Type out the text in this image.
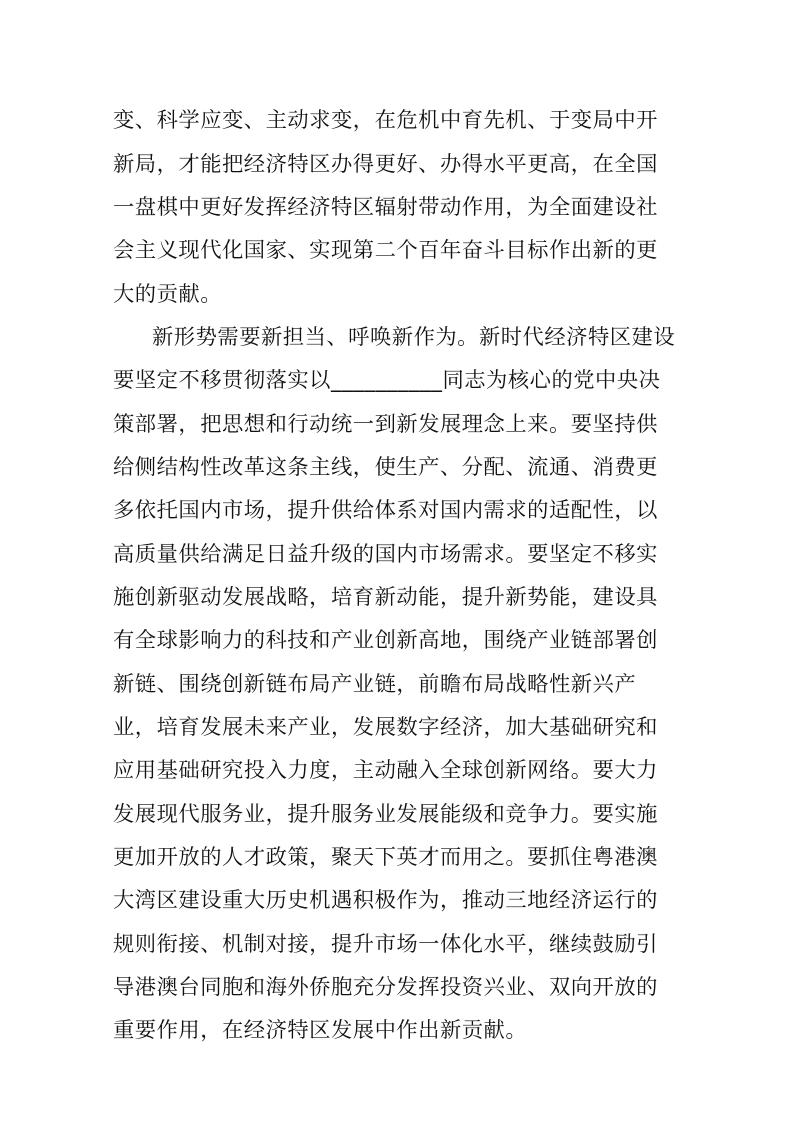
变、科学应变、主动求变，在危机中育先机、于变局中开
新局，才能把经济特区办得更好、办得水平更高，在全国
一盘棋中更好发挥经济特区辐射带动作用，为全面建设社
会主义现代化国家、实现第二个百年奋斗目标作出新的更
大的贡献。
新形势需要新担当、呼唤新作为。新时代经济特区建设
要坚定不移贯彻落实以__________同志为核心的党中央决
策部署，把思想和行动统一到新发展理念上来。要坚持供
给侧结构性改革这条主线，使生产、分配、流通、消费更
多依托国内市场，提升供给体系对国内需求的适配性，以
高质量供给满足日益升级的国内市场需求。要坚定不移实
施创新驱动发展战略，培育新动能，提升新势能，建设具
有全球影响力的科技和产业创新高地，围绕产业链部署创
新链、围绕创新链布局产业链，前瞻布局战略性新兴产
业，培育发展未来产业，发展数字经济，加大基础研究和
应用基础研究投入力度，主动融入全球创新网络。要大力
发展现代服务业，提升服务业发展能级和竞争力。要实施
更加开放的人才政策，聚天下英才而用之。要抓住粤港澳
大湾区建设重大历史机遇积极作为，推动三地经济运行的
规则衔接、机制对接，提升市场一体化水平，继续鼓励引
导港澳台同胞和海外侨胞充分发挥投资兴业、双向开放的
重要作用，在经济特区发展中作出新贡献。
